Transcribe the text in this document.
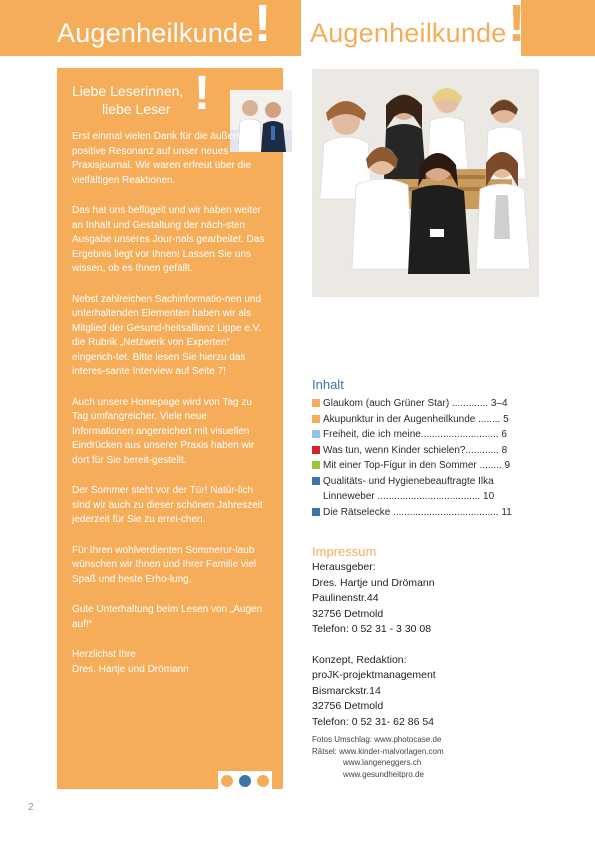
Augenheilkunde ! Augenheilkunde !
Liebe Leserinnen,
liebe Leser !

Erst einmal vielen Dank für die äußerst positive Resonanz auf unser neues Praxisjournal. Wir waren erfreut über die vielfältigen Reaktionen.

Das hat uns beflügelt und wir haben weiter an Inhalt und Gestaltung der näch-sten Ausgabe unseres Jour-nals gearbeitet. Das Ergebnis liegt vor Ihnen! Lassen Sie uns wissen, ob es Ihnen gefällt.

Nebst zahlreichen Sachinformatio-nen und unterhaltenden Elementen haben wir als Mitglied der Gesund-heitsallianz Lippe e.V. die Rubrik „Netzwerk von Experten“ eingerich-tet. Bitte lesen Sie hierzu das interes-sante Interview auf Seite 7!

Auch unsere Homepage wird von Tag zu Tag umfangreicher. Viele neue Informationen angereichert mit visuellen Eindrücken aus unserer Praxis haben wir dort für Sie bereit-gestellt.

Der Sommer steht vor der Tür! Natür-lich sind wir auch zu dieser schönen Jahreszeit jederzeit für Sie zu errei-chen.

Für Ihren wohlverdienten Sommerur-laub wünschen wir Ihnen und Ihrer Familie viel Spaß und beste Erho-lung.

Gute Unterhaltung beim Lesen von „Augen auf!“

Herzlichst Ihre
Dres. Hartje und Drömann

Inhalt
Glaukom (auch Grüner Star) ............. 3–4
Akupunktur in der Augenheilkunde ........ 5
Freiheit, die ich meine............................ 6
Was tun, wenn Kinder schielen?............ 8
Mit einer Top-Figur in den Sommer ........ 9
Qualitäts- und Hygienebeauftragte Ilka Linneweber ..................................... 10
Die Rätselecke ...................................... 11
Impressum
Herausgeber:
Dres. Hartje und Drömann
Paulinenstr.44
32756 Detmold
Telefon: 0 52 31 - 3 30 08
Konzept, Redaktion:
proJK-projektmanagement
Bismarckstr.14
32756 Detmold
Telefon: 0 52 31- 62 86 54
Fotos Umschlag: www.photocase.de
Rätsel: www.kinder-malvorlagen.com
www.langeneggers.ch
www.gesundheitpro.de
2
